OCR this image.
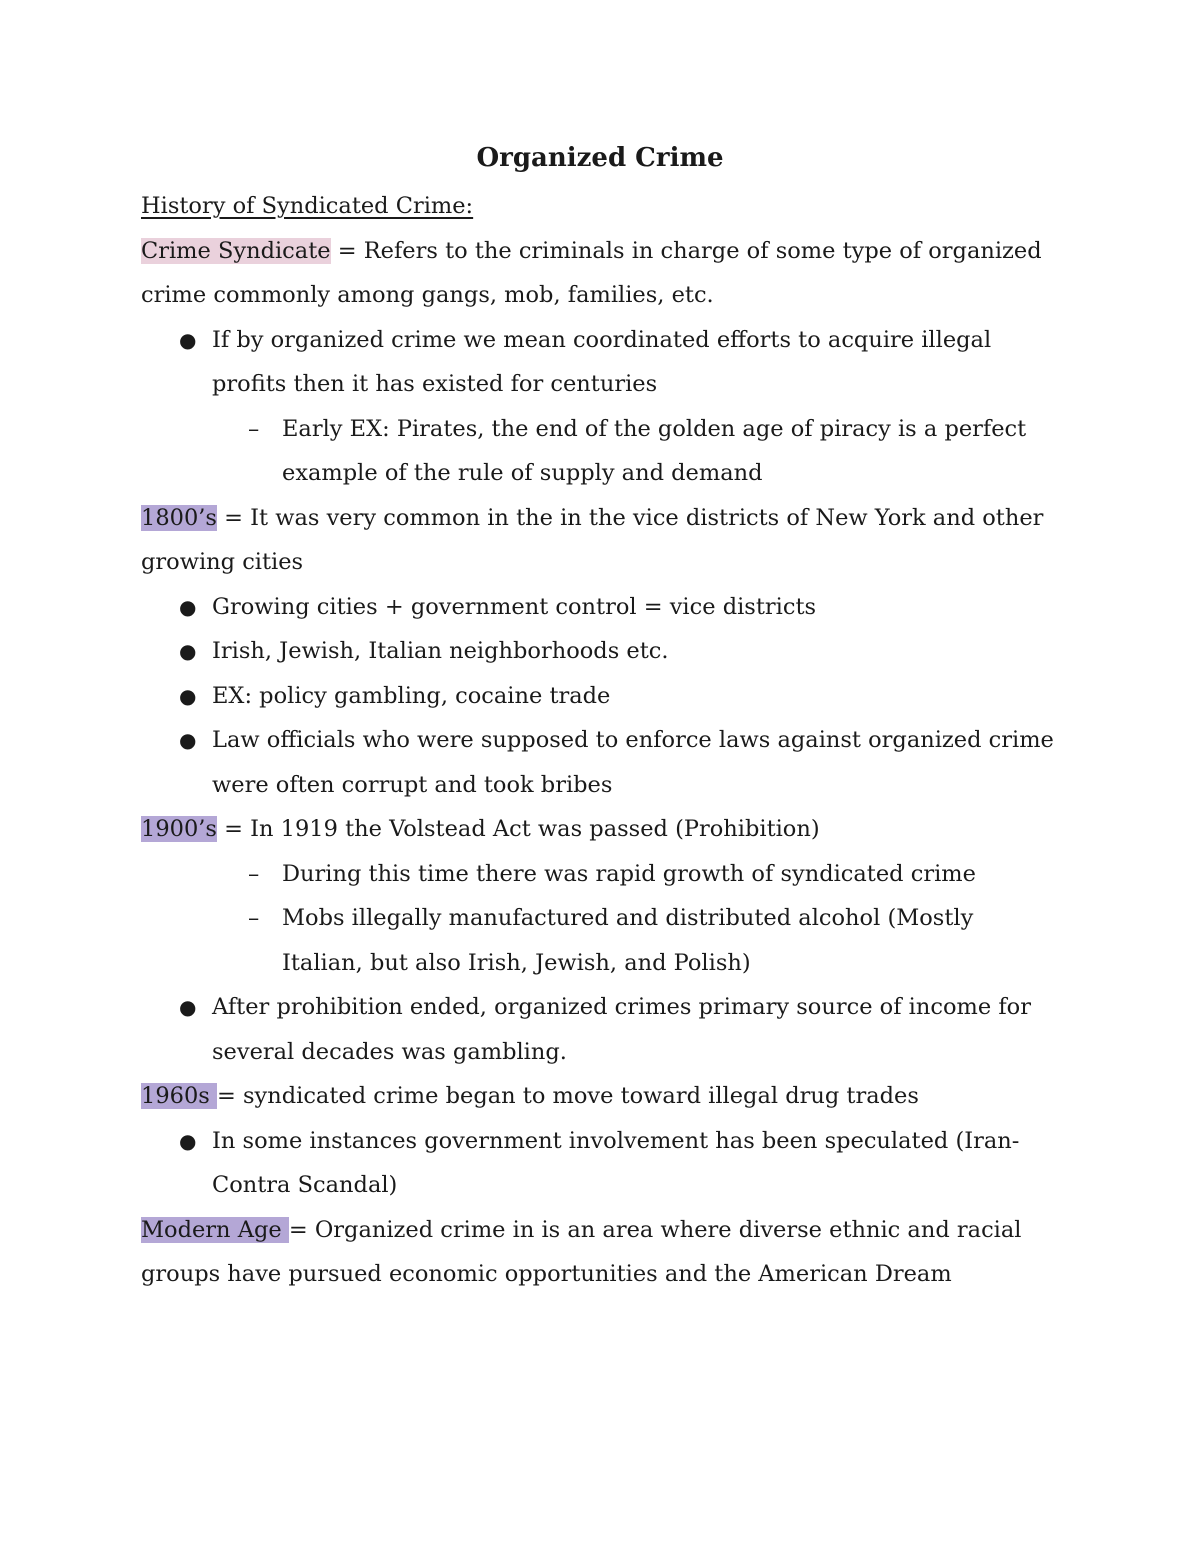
Organized Crime

History of Syndicated Crime:

Crime Syndicate = Refers to the criminals in charge of some type of organized

crime commonly among gangs, mob, families, etc.

● If by organized crime we mean coordinated efforts to acquire illegal

profits then it has existed for centuries

– Early EX: Pirates, the end of the golden age of piracy is a perfect

example of the rule of supply and demand

1800’s = It was very common in the in the vice districts of New York and other

growing cities

● Growing cities + government control = vice districts

● Irish, Jewish, Italian neighborhoods etc.

● EX: policy gambling, cocaine trade

● Law officials who were supposed to enforce laws against organized crime

were often corrupt and took bribes

1900’s = In 1919 the Volstead Act was passed (Prohibition)

– During this time there was rapid growth of syndicated crime

– Mobs illegally manufactured and distributed alcohol (Mostly

Italian, but also Irish, Jewish, and Polish)

● After prohibition ended, organized crimes primary source of income for

several decades was gambling.

1960s = syndicated crime began to move toward illegal drug trades

● In some instances government involvement has been speculated (Iran-

Contra Scandal)

Modern Age = Organized crime in is an area where diverse ethnic and racial

groups have pursued economic opportunities and the American Dream
